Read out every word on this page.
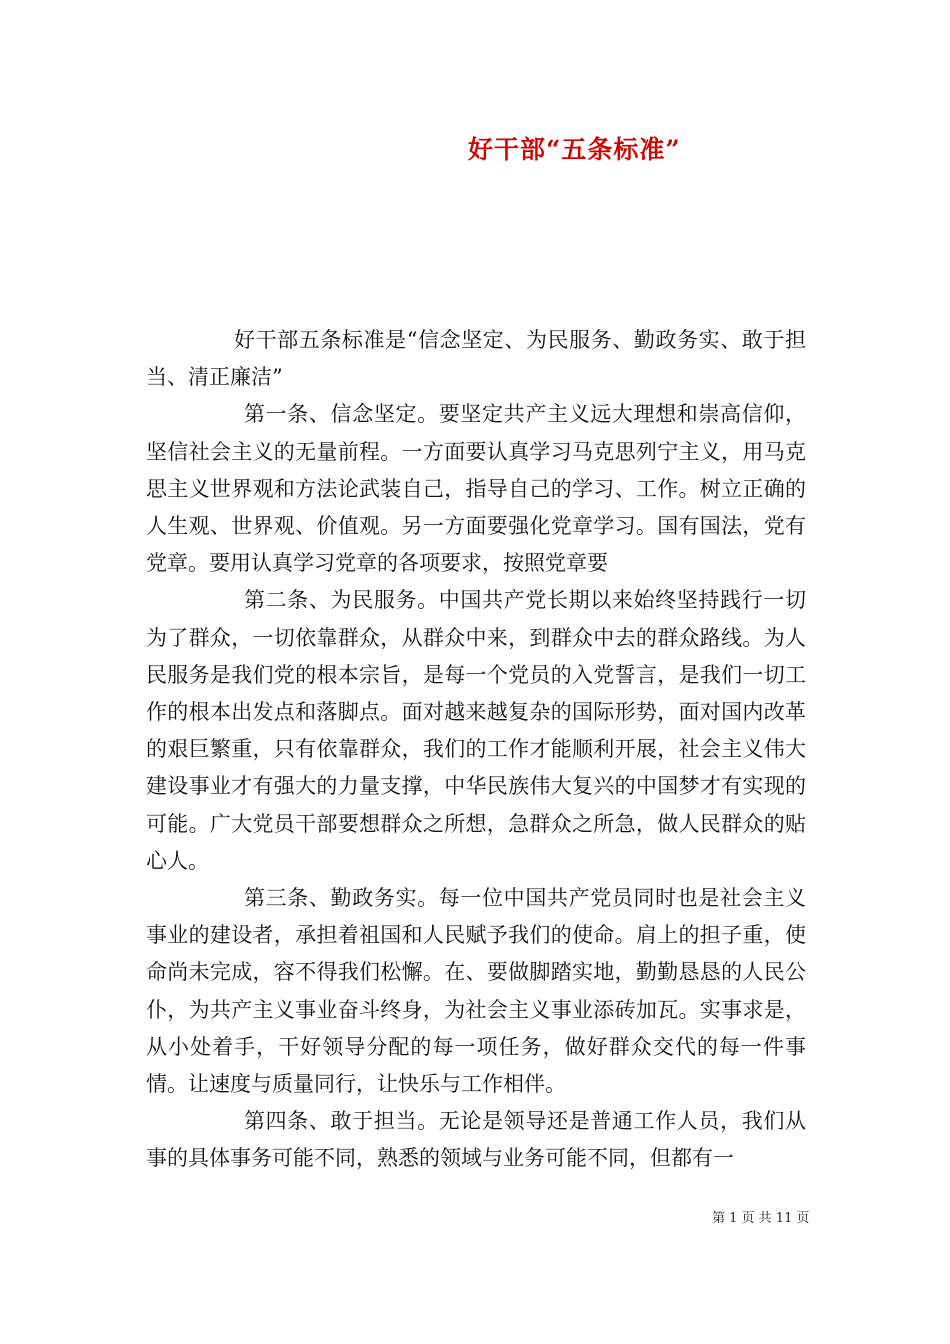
好干部“五条标准”

好干部五条标准是“信念坚定、为民服务、勤政务实、敢于担当、清正廉洁”

第一条、信念坚定。要坚定共产主义远大理想和崇高信仰，坚信社会主义的无量前程。一方面要认真学习马克思列宁主义，用马克思主义世界观和方法论武装自己，指导自己的学习、工作。树立正确的人生观、世界观、价值观。另一方面要强化党章学习。国有国法，党有党章。要用认真学习党章的各项要求，按照党章要

第二条、为民服务。中国共产党长期以来始终坚持践行一切为了群众，一切依靠群众，从群众中来，到群众中去的群众路线。为人民服务是我们党的根本宗旨，是每一个党员的入党誓言，是我们一切工作的根本出发点和落脚点。面对越来越复杂的国际形势，面对国内改革的艰巨繁重，只有依靠群众，我们的工作才能顺利开展，社会主义伟大建设事业才有强大的力量支撑，中华民族伟大复兴的中国梦才有实现的可能。广大党员干部要想群众之所想，急群众之所急，做人民群众的贴心人。

第三条、勤政务实。每一位中国共产党员同时也是社会主义事业的建设者，承担着祖国和人民赋予我们的使命。肩上的担子重，使命尚未完成，容不得我们松懈。在、要做脚踏实地，勤勤恳恳的人民公仆，为共产主义事业奋斗终身，为社会主义事业添砖加瓦。实事求是，从小处着手，干好领导分配的每一项任务，做好群众交代的每一件事情。让速度与质量同行，让快乐与工作相伴。

第四条、敢于担当。无论是领导还是普通工作人员，我们从事的具体事务可能不同，熟悉的领域与业务可能不同，但都有一

第 1 页 共 11 页
